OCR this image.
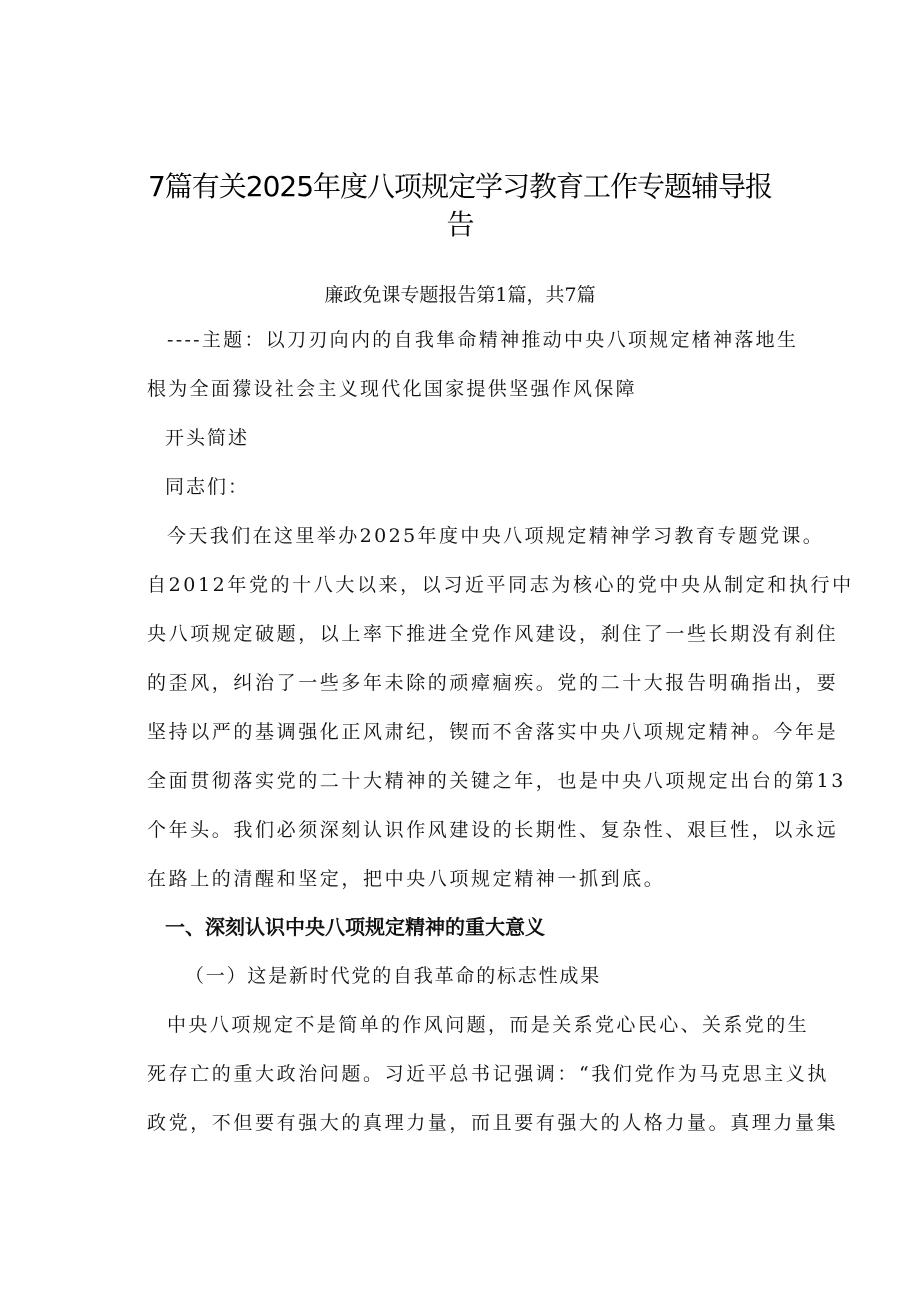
7篇有关2025年度八项规定学习教育工作专题辅导报
告
廉政免课专题报告第1篇，共7篇
----主题：以刀刃向内的自我隼命精神推动中央八项规定楮神落地生
根为全面獴设社会主义现代化国家提供坚强作风保障
开头简述
同志们：
今天我们在这里举办2025年度中央八项规定精神学习教育专题党课。
自2012年党的十八大以来，以习近平同志为核心的党中央从制定和执行中
央八项规定破题，以上率下推进全党作风建设，刹住了一些长期没有刹住
的歪风，纠治了一些多年未除的顽瘴痼疾。党的二十大报告明确指出，要
坚持以严的基调强化正风肃纪，锲而不舍落实中央八项规定精神。今年是
全面贯彻落实党的二十大精神的关键之年，也是中央八项规定出台的第13
个年头。我们必须深刻认识作风建设的长期性、复杂性、艰巨性，以永远
在路上的清醒和坚定，把中央八项规定精神一抓到底。
一、深刻认识中央八项规定精神的重大意义
（一）这是新时代党的自我革命的标志性成果
中央八项规定不是简单的作风问题，而是关系党心民心、关系党的生
死存亡的重大政治问题。习近平总书记强调：“我们党作为马克思主义执
政党，不但要有强大的真理力量，而且要有强大的人格力量。真理力量集
